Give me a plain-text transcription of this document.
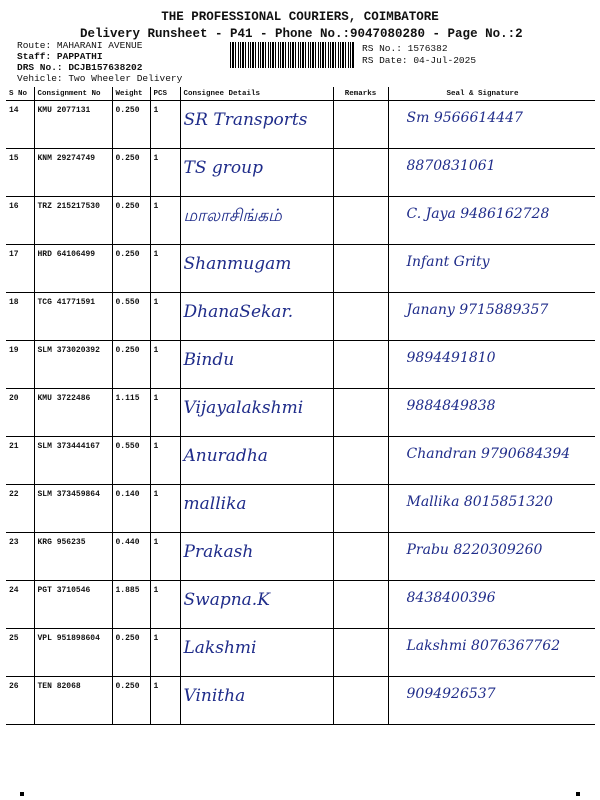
THE PROFESSIONAL COURIERS, COIMBATORE
Delivery Runsheet - P41 - Phone No.:9047080280 - Page No.:2
Route: MAHARANI AVENUE
Staff: PAPPATHI
DRS No.: DCJB157638202
Vehicle: Two Wheeler Delivery
RS No.: 1576382
RS Date: 04-Jul-2025
S No	Consignment No	Weight	PCS	Consignee Details	Remarks	Seal & Signature
14	KMU 2077131	0.250	1	SR Transports		Sm 9566614447
15	KNM 29274749	0.250	1	TS group		8870831061
16	TRZ 215217530	0.250	1	மாலாசிங்கம்		C. Jaya 9486162728
17	HRD 64106499	0.250	1	Shanmugam		Infant Grity
18	TCG 41771591	0.550	1	DhanaSekar.		Janany 9715889357
19	SLM 373020392	0.250	1	Bindu		9894491810
20	KMU 3722486	1.115	1	Vijayalakshmi		9884849838
21	SLM 373444167	0.550	1	Anuradha		Chandran 9790684394
22	SLM 373459864	0.140	1	mallika		Mallika 8015851320
23	KRG 956235	0.440	1	Prakash		Prabu 8220309260
24	PGT 3710546	1.885	1	Swapna.K		8438400396
25	VPL 951898604	0.250	1	Lakshmi		Lakshmi 8076367762
26	TEN 82068	0.250	1	Vinitha		9094926537
